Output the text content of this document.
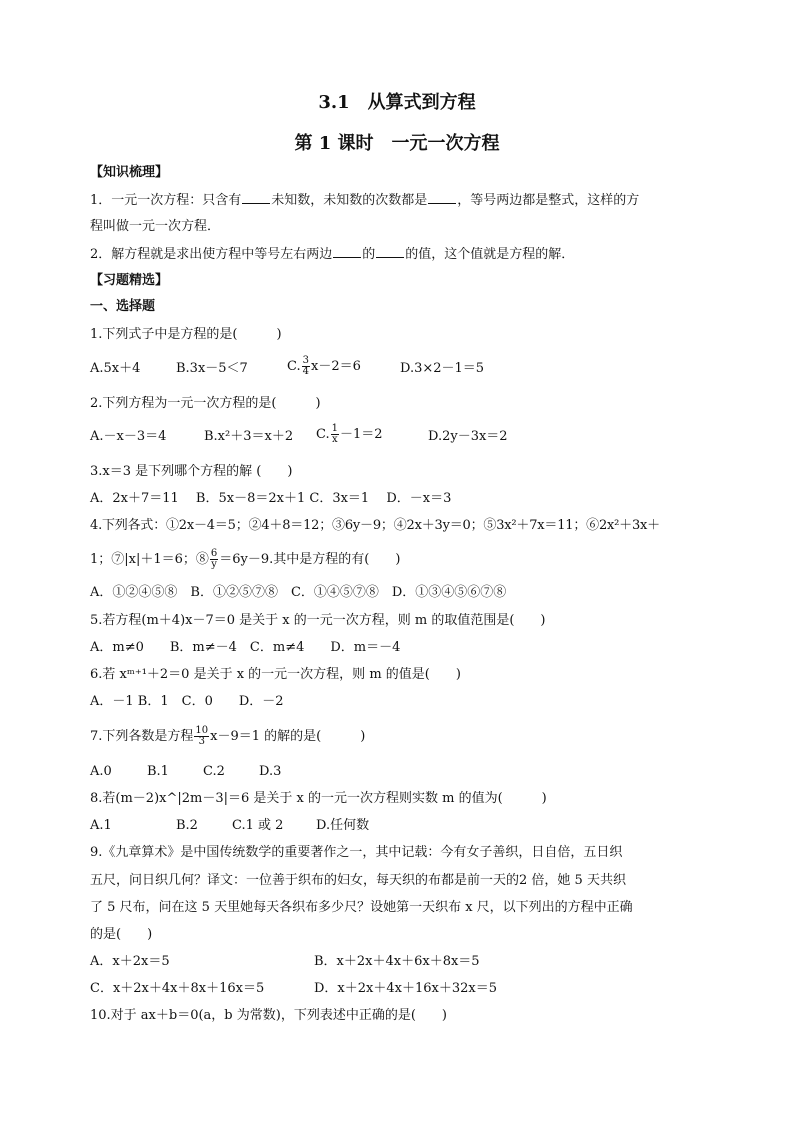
3.1　从算式到方程
第 1 课时　一元一次方程
【知识梳理】
1．一元一次方程：只含有 未知数，未知数的次数都是 ，等号两边都是整式，这样的方
程叫做一元一次方程．
2．解方程就是求出使方程中等号左右两边 的 的值，这个值就是方程的解．
【习题精选】
一、选择题
1.下列式子中是方程的是(　　　)
A.5x＋4	B.3x－5＜7	C. $\frac{3}{4} x-2=6$	D.3×2－1＝5
2.下列方程为一元一次方程的是(　　　)
A.－x－3＝4	B.x²＋3＝x＋2 C. $\frac{1}{x} -1=2$	D.2y－3x＝2
3.x＝3 是下列哪个方程的解 (　　)
A．2x＋7＝11　 B．5x－8＝2x＋1 C．3x＝1　 D．－x＝3
4.下列各式：①2x－4＝5；②4＋8＝12；③6y－9；④2x＋3y＝0；⑤3x²＋7x＝11；⑥2x²＋3x＋
1；⑦|x|＋1＝6；⑧ $\frac{6}{y} =6y-9$.其中是方程的有(　　)
A．①②④⑤⑧　B．①②⑤⑦⑧　C．①④⑤⑦⑧　D．①③④⑤⑥⑦⑧
5.若方程(m＋4)x－7＝0 是关于 x 的一元一次方程，则 m 的取值范围是(　　)
A．m≠0　　B．m≠－4　C．m≠4　　D．m＝－4
6.若 xᵐ⁺¹＋2＝0 是关于 x 的一元一次方程，则 m 的值是(　　)
A．－1 B．1　C．0　　D．－2
7.下列各数是方程 $\frac{10}{3} x-9=1$ 的解的是(　　　)
A.0	B.1	C.2	D.3
8.若(m－2)x^|2m－3|＝6 是关于 x 的一元一次方程则实数 m 的值为(　　　)
A.1	B.2	C.1 或 2	D.任何数
9.《九章算术》是中国传统数学的重要著作之一，其中记载：今有女子善织，日自倍，五日织
五尺，问日织几何？译文：一位善于织布的妇女，每天织的布都是前一天的2 倍，她 5 天共织
了 5 尺布，问在这 5 天里她每天各织布多少尺？设她第一天织布 x 尺，以下列出的方程中正确
的是(　　)
A．x＋2x＝5	B．x＋2x＋4x＋6x＋8x＝5
C．x＋2x＋4x＋8x＋16x＝5	D．x＋2x＋4x＋16x＋32x＝5
10.对于 ax＋b＝0(a，b 为常数)，下列表述中正确的是(　　)
